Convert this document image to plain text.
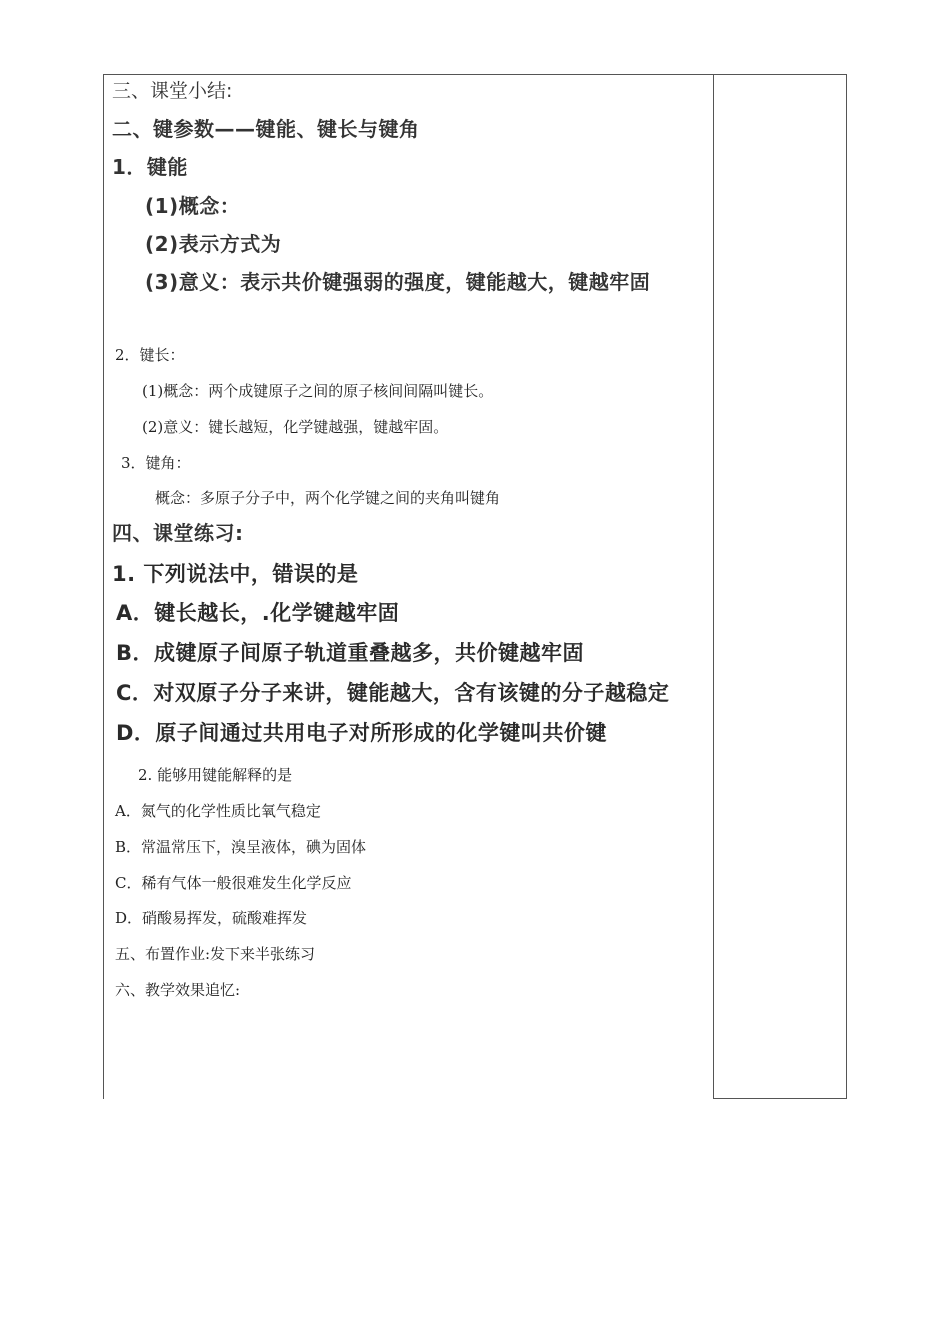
三、课堂小结:
二、键参数——键能、键长与键角
1．键能
(1)概念：
(2)表示方式为
(3)意义：表示共价键强弱的强度，键能越大，键越牢固
2．键长：
(1)概念：两个成键原子之间的原子核间间隔叫键长。
(2)意义：键长越短，化学键越强，键越牢固。
3．键角：
概念：多原子分子中，两个化学键之间的夹角叫键角
四、课堂练习:
1. 下列说法中，错误的是
A．键长越长，.化学键越牢固
B．成键原子间原子轨道重叠越多，共价键越牢固
C．对双原子分子来讲，键能越大，含有该键的分子越稳定
D．原子间通过共用电子对所形成的化学键叫共价键
2. 能够用键能解释的是
A．氮气的化学性质比氧气稳定
B．常温常压下，溴呈液体，碘为固体
C．稀有气体一般很难发生化学反应
D．硝酸易挥发，硫酸难挥发
五、布置作业:发下来半张练习
六、教学效果追忆:
